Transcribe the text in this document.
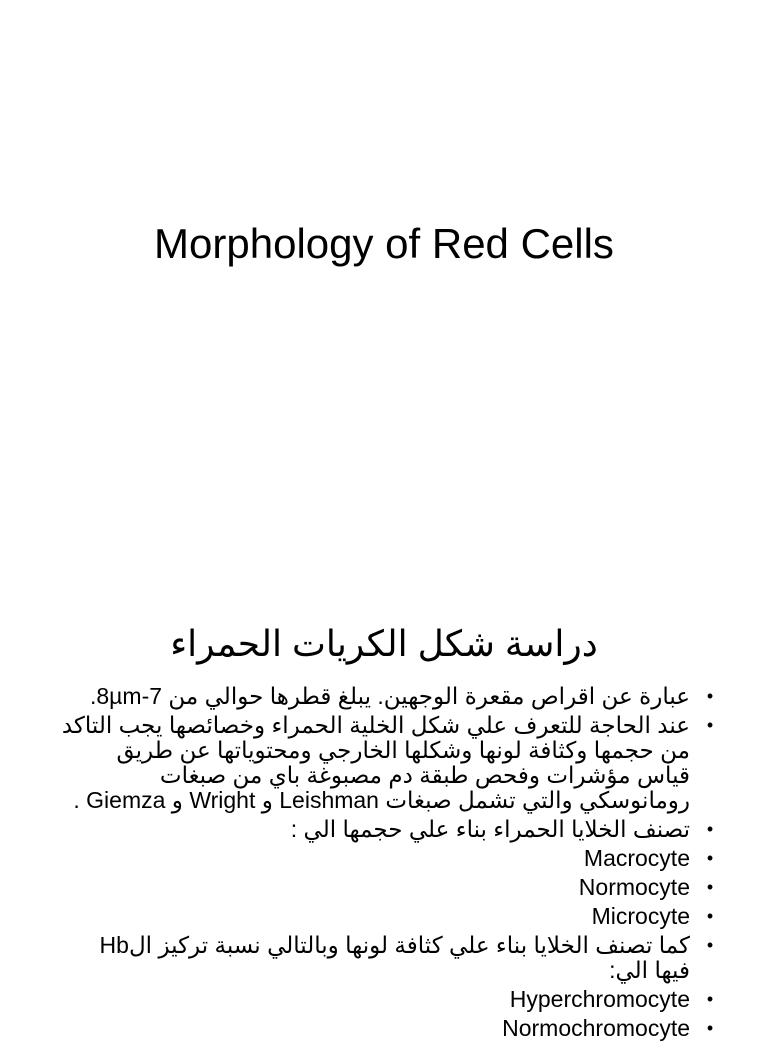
Morphology of Red Cells
دراسة شكل الكريات الحمراء
•
عبارة عن اقراص مقعرة الوجهين. يبلغ قطرها حوالي من 7-8µm.
•
عند الحاجة للتعرف علي شكل الخلية الحمراء وخصائصها يجب التاكد من حجمها وكثافة لونها وشكلها الخارجي ومحتوياتها عن طريق قياس مؤشرات وفحص طبقة دم مصبوغة باي من صبغات رومانوسكي والتي تشمل صبغات Leishman و Wright و Giemza .
•
تصنف الخلايا الحمراء بناء علي حجمها الي :
•
Macrocyte
•
Normocyte
•
Microcyte
•
كما تصنف الخلايا بناء علي كثافة لونها وبالتالي نسبة تركيز الHb فيها الي:
•
Hyperchromocyte
•
Normochromocyte
